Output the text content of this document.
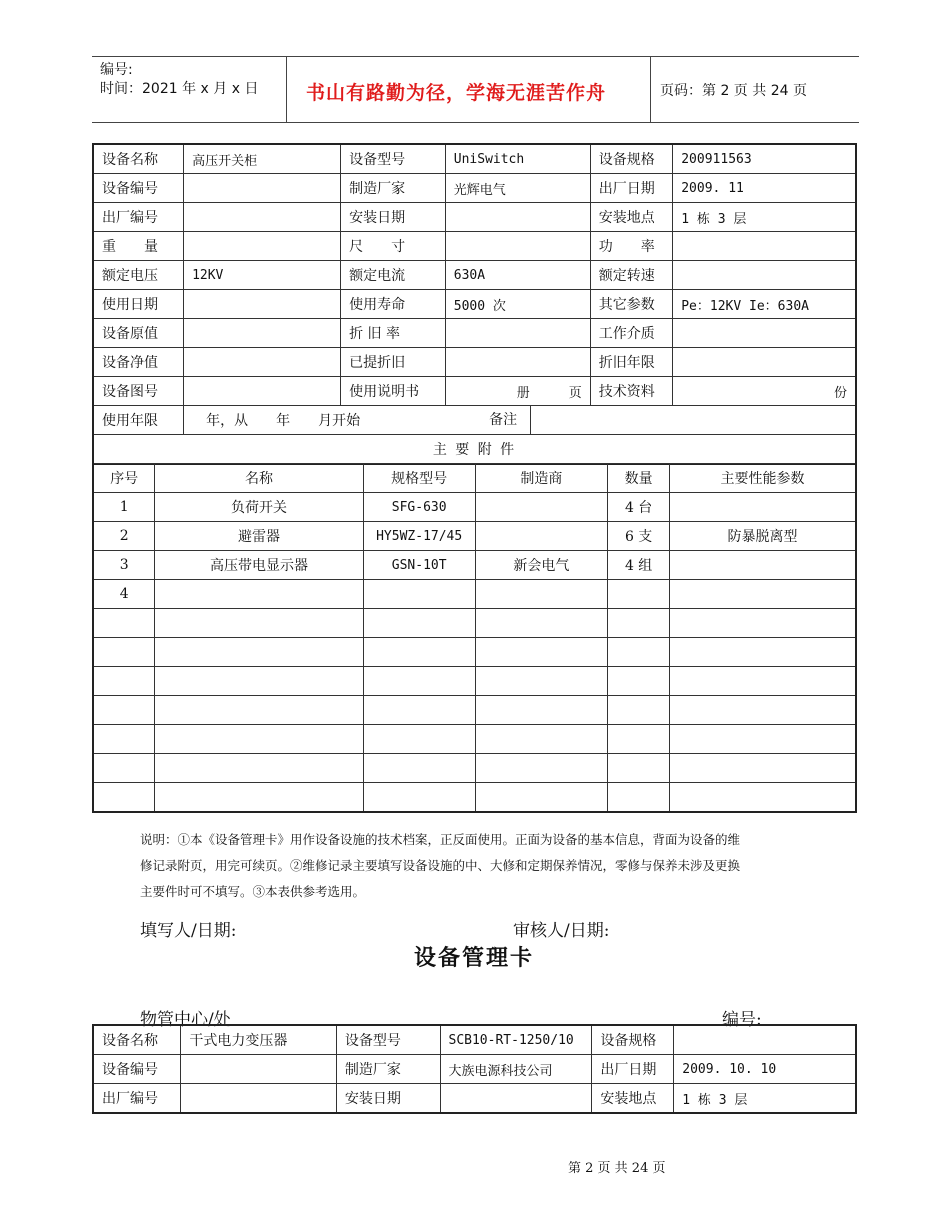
编号:
时间：2021 年 x 月 x 日	书山有路勤为径，学海无涯苦作舟	页码：第 2 页 共 24 页
设备名称	高压开关柜	设备型号	UniSwitch	设备规格	200911563
设备编号		制造厂家	光辉电气	出厂日期	2009. 11
出厂编号		安装日期		安装地点	1 栋 3 层
重　　量		尺　　寸		功　　率	
额定电压	12KV	额定电流	630A	额定转速	
使用日期		使用寿命	5000 次	其它参数	Pe：12KV Ie：630A
设备原值		折 旧 率		工作介质	
设备净值		已提折旧		折旧年限	
设备图号		使用说明书	册　　　页	技术资料	份
使用年限	年，从　　年　　月开始 备注				

主 要 附 件					
序号	名称	规格型号	制造商	数量	主要性能参数
1	负荷开关	SFG-630		4 台	
2	避雷器	HY5WZ-17/45		6 支	防暴脱离型
3	高压带电显示器	GSN-10T	新会电气	4 组	
4					

说明：①本《设备管理卡》用作设备设施的技术档案，正反面使用。正面为设备的基本信息，背面为设备的维
修记录附页，用完可续页。②维修记录主要填写设备设施的中、大修和定期保养情况，零修与保养未涉及更换
主要件时可不填写。③本表供参考选用。
填写人/日期:	审核人/日期:
设备管理卡
物管中心/处	编号:
设备名称	干式电力变压器	设备型号	SCB10-RT-1250/10	设备规格	
设备编号		制造厂家	大族电源科技公司	出厂日期	2009. 10. 10
出厂编号		安装日期		安装地点	1 栋 3 层
第 2 页 共 24 页
